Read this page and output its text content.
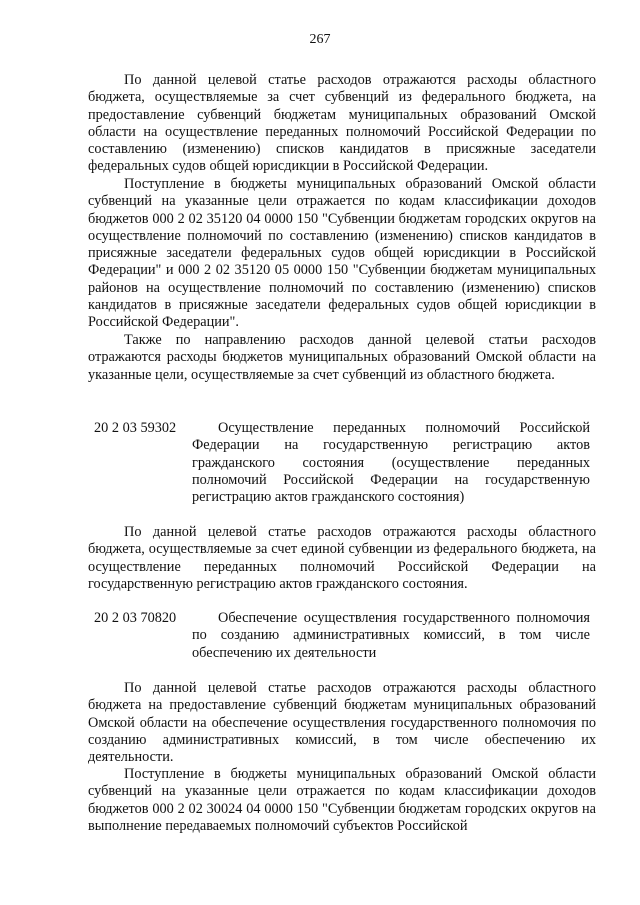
267

По данной целевой статье расходов отражаются расходы областного бюджета, осуществляемые за счет субвенций из федерального бюджета, на предоставление субвенций бюджетам муниципальных образований Омской области на осуществление переданных полномочий Российской Федерации по составлению (изменению) списков кандидатов в присяжные заседатели федеральных судов общей юрисдикции в Российской Федерации.

Поступление в бюджеты муниципальных образований Омской области субвенций на указанные цели отражается по кодам классификации доходов бюджетов 000 2 02 35120 04 0000 150 "Субвенции бюджетам городских округов на осуществление полномочий по составлению (изменению) списков кандидатов в присяжные заседатели федеральных судов общей юрисдикции в Российской Федерации" и 000 2 02 35120 05 0000 150 "Субвенции бюджетам муниципальных районов на осуществление полномочий по составлению (изменению) списков кандидатов в присяжные заседатели федеральных судов общей юрисдикции в Российской Федерации".

Также по направлению расходов данной целевой статьи расходов отражаются расходы бюджетов муниципальных образований Омской области на указанные цели, осуществляемые за счет субвенций из областного бюджета.

20 2 03 59302	Осуществление переданных полномочий Российской Федерации на государственную регистрацию актов гражданского состояния (осуществление переданных полномочий Российской Федерации на государственную регистрацию актов гражданского состояния)

По данной целевой статье расходов отражаются расходы областного бюджета, осуществляемые за счет единой субвенции из федерального бюджета, на осуществление переданных полномочий Российской Федерации на государственную регистрацию актов гражданского состояния.

20 2 03 70820	Обеспечение осуществления государственного полномочия по созданию административных комиссий, в том числе обеспечению их деятельности

По данной целевой статье расходов отражаются расходы областного бюджета на предоставление субвенций бюджетам муниципальных образований Омской области на обеспечение осуществления государственного полномочия по созданию административных комиссий, в том числе обеспечению их деятельности.

Поступление в бюджеты муниципальных образований Омской области субвенций на указанные цели отражается по кодам классификации доходов бюджетов 000 2 02 30024 04 0000 150 "Субвенции бюджетам городских округов на выполнение передаваемых полномочий субъектов Российской
